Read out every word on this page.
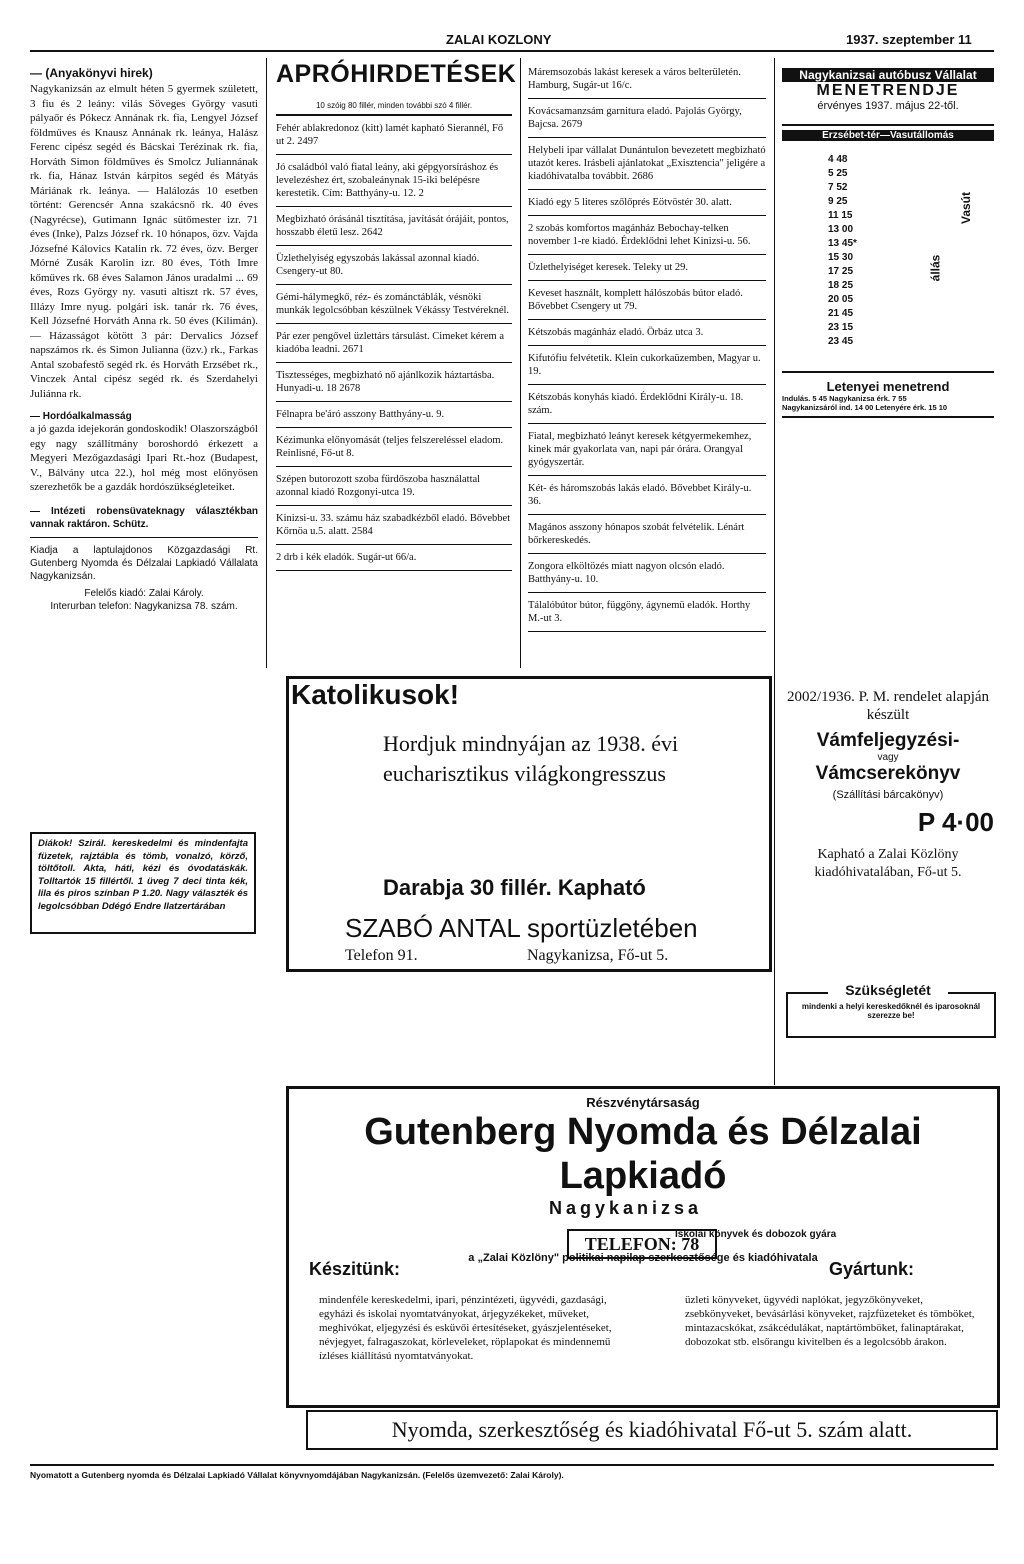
ZALAI KOZLONY	1937. szeptember 11
— (Anyakönyvi hirek)

Nagykanizsán az elmult héten 5 gyermek született, 3 fiu és 2 leány: vilás Söveges György vasuti pályaőr és Pókecz Annának rk. fia, Lengyel József földműves és Knausz Annának rk. leánya, Halász Ferenc cipész segéd és Bácskai Terézinak rk. fia, Horváth Simon földműves és Smolcz Juliannának rk. fia, Hánaz István kárpitos segéd és Mátyás Máriának rk. leánya. — Halálozás 10 esetben történt: Gerencsér Anna szakácsnő rk. 40 éves (Nagyrécse), Gutimann Ignác sütőmester izr. 71 éves (Inke), Palzs József rk. 10 hónapos, özv. Vajda Józsefné Kálovics Katalin rk. 72 éves, özv. Berger Mórné Zusák Karolin izr. 80 éves, Tóth Imre kőműves rk. 68 éves Salamon János uradalmi ... 69 éves, Rozs György ny. vasuti altiszt rk. 57 éves, Illázy Imre nyug. polgári isk. tanár rk. 76 éves, Kell Józsefné Horváth Anna rk. 50 éves (Kilimán). — Házasságot kötött 3 pár: Dervalics József napszámos rk. és Simon Julianna (özv.) rk., Farkas Antal szobafestő segéd rk. és Horváth Erzsébet rk., Vinczek Antal cipész segéd rk. és Szerdahelyi Juliánna rk.

— Hordóalkalmasság

a jó gazda idejekorán gondoskodik! Olaszországból egy nagy szállítmány boroshordó érkezett a Megyeri Mezőgazdasági Ipari Rt.-hoz (Budapest, V., Bálvány utca 22.), hol még most előnyösen szerezhetők be a gazdák hordószükségleteiket.

— Intézeti robensüvateknagy választékban vannak raktáron. Schütz.

Kiadja a laptulajdonos Közgazdasági Rt. Gutenberg Nyomda és Délzalai Lapkiadó Vállalata Nagykanizsán.

Felelős kiadó: Zalai Károly.

Interurban telefon: Nagykanizsa 78. szám.

Diákok! Szirál. kereskedelmi és mindenfajta füzetek, rajztábla és tömb, vonalzó, körző, töltőtoll. Akta, háti, kézi és óvodatáskák. Tolltartók 15 fillértől. 1 üveg 7 deci tinta kék, lila és piros színban P 1.20. Nagy választék és legolcsóbban Ddégó Endre Ilatzertárában

APRÓHIRDETÉSEK
10 szóig 80 fillér, minden további szó 4 fillér.

Fehér ablakredonoz (kitt) lamét kapható Sierannél, Fő ut 2. 2497

Jó családból való fiatal leány, aki gépgyorsíráshoz és levelezéshez ért, szobaleánynak 15-iki belépésre kerestetik. Cím: Batthyány-u. 12. 2

Megbizható órásánál tisztítása, javítását órájáit, pontos, hosszabb életű lesz. 2642

Üzlethelyiség egyszobás lakással azonnal kiadó. Csengery-ut 80.

Gémi-hálymegkő, réz- és zománctáblák, vésnöki munkák legolcsóbban készülnek Vékássy Testvéreknél.

Pár ezer pengővel üzlettárs társulást. Cimeket kérem a kiadóba leadni. 2671

Tisztességes, megbizható nő ajánlkozik háztartásba. Hunyadi-u. 18 2678

Félnapra be'áró asszony Batthyány-u. 9.

Kézimunka előnyomását (teljes felszereléssel eladom. Reinlisné, Fő-ut 8.

Szépen butorozott szoba fürdőszoba használattal azonnal kiadó Rozgonyi-utca 19.

Kinizsi-u. 33. számu ház szabadkézből eladó. Bővebbet Kőrnöa u.5. alatt. 2584

2 drb i kék eladók. Sugár-ut 66/a.

Máremsozobás lakást keresek a város belterületén. Hamburg, Sugár-ut 16/c.

Kovácsamanzsám garnitura eladó. Pajolás György, Bajcsa. 2679

Helybeli ipar vállalat Dunántulon bevezetett megbizható utazót keres. Irásbeli ajánlatokat „Exisztencia" jeligére a kiadóhivatalba továbbit. 2686

Kiadó egy 5 literes szőlőprés Eötvöstér 30. alatt.

2 szobás komfortos magánház Bebochay-telken november 1-re kiadó. Érdeklődni lehet Kinizsi-u. 56.

Üzlethelyiséget keresek. Teleky ut 29.

Keveset használt, komplett hálószobás bútor eladó. Bővebbet Csengery ut 79.

Kétszobás magánház eladó. Örbáz utca 3.

Kifutófiu felvétetik. Klein cukorkaüzemben, Magyar u. 19.

Kétszobás konyhás kiadó. Érdeklődni Király-u. 18. szám.

Fiatal, megbizható leányt keresek kétgyermekemhez, kinek már gyakorlata van, napi pár órára. Orangyal gyógyszertár.

Két- és háromszobás lakás eladó. Bővebbet Király-u. 36.

Magános asszony hónapos szobát felvételik. Lénárt bőrkereskedés.

Zongora elköltözés miatt nagyon olcsón eladó. Batthyány-u. 10.

Tálalóbútor bútor, függöny, ágynemü eladók. Horthy M.-ut 3.

Nagykanizsai autóbusz Vállalat
MENETRENDJE
érvényes 1937. május 22-től.
Erzsébet-tér—Vasutállomás
4 48
5 25
7 52
9 25
11 15
13 00
13 45*
15 30
17 25
18 25
20 05
21 45
23 15
23 45
állás
Vasút
Letenyei menetrend
Indulás. 5 45 Nagykanizsa érk. 7 55
Nagykanizsáról ind. 14 00 Letenyére érk. 15 10
2002/1936. P. M. rendelet alapján készült
Vámfeljegyzési-
vagy
Vámcserekönyv
(Szállítási bárcakönyv)
P 4·00
Kapható a Zalai Közlöny kiadóhivatalában, Fő-ut 5.
Szükségletét
mindenki a helyi kereskedőknél és iparosoknál szerezze be!
Katolikusok!
Hordjuk mindnyájan az 1938. évi
eucharisztikus világkongresszus
Darabja 30 fillér. Kapható
SZABÓ ANTAL sportüzletében
Telefon 91.	Nagykanizsa, Fő-ut 5.
Részvénytársaság
Gutenberg Nyomda és Délzalai Lapkiadó
Nagykanizsa
Iskolai könyvek és dobozok gyára
a „Zalai Közlöny" politikai napilap szerkesztősége és kiadóhivatala
TELEFON: 78
Készitünk:	Gyártunk:
mindenféle kereskedelmi, ipari, pénzintézeti, ügyvédi, gazdasági, egyházi és iskolai nyomtatványokat, árjegyzékeket, műveket, meghivókat, eljegyzési és esküvői értesítéseket, gyászjelentéseket, névjegyet, falragaszokat, körleveleket, röplapokat és mindennemű ízléses kiállítású nyomtatványokat.
üzleti könyveket, ügyvédi naplókat, jegyzőkönyveket, zsebkönyveket, bevásárlási könyveket, rajzfüzeteket és tömböket, mintazacskókat, zsákcédulákat, naptártömböket, falinaptárakat, dobozokat stb. elsőrangu kivitelben és a legolcsóbb árakon.
Nyomda, szerkesztőség és kiadóhivatal Fő-ut 5. szám alatt.
Nyomatott a Gutenberg nyomda és Délzalai Lapkiadó Vállalat könyvnyomdájában Nagykanizsán. (Felelős üzemvezető: Zalai Károly).
